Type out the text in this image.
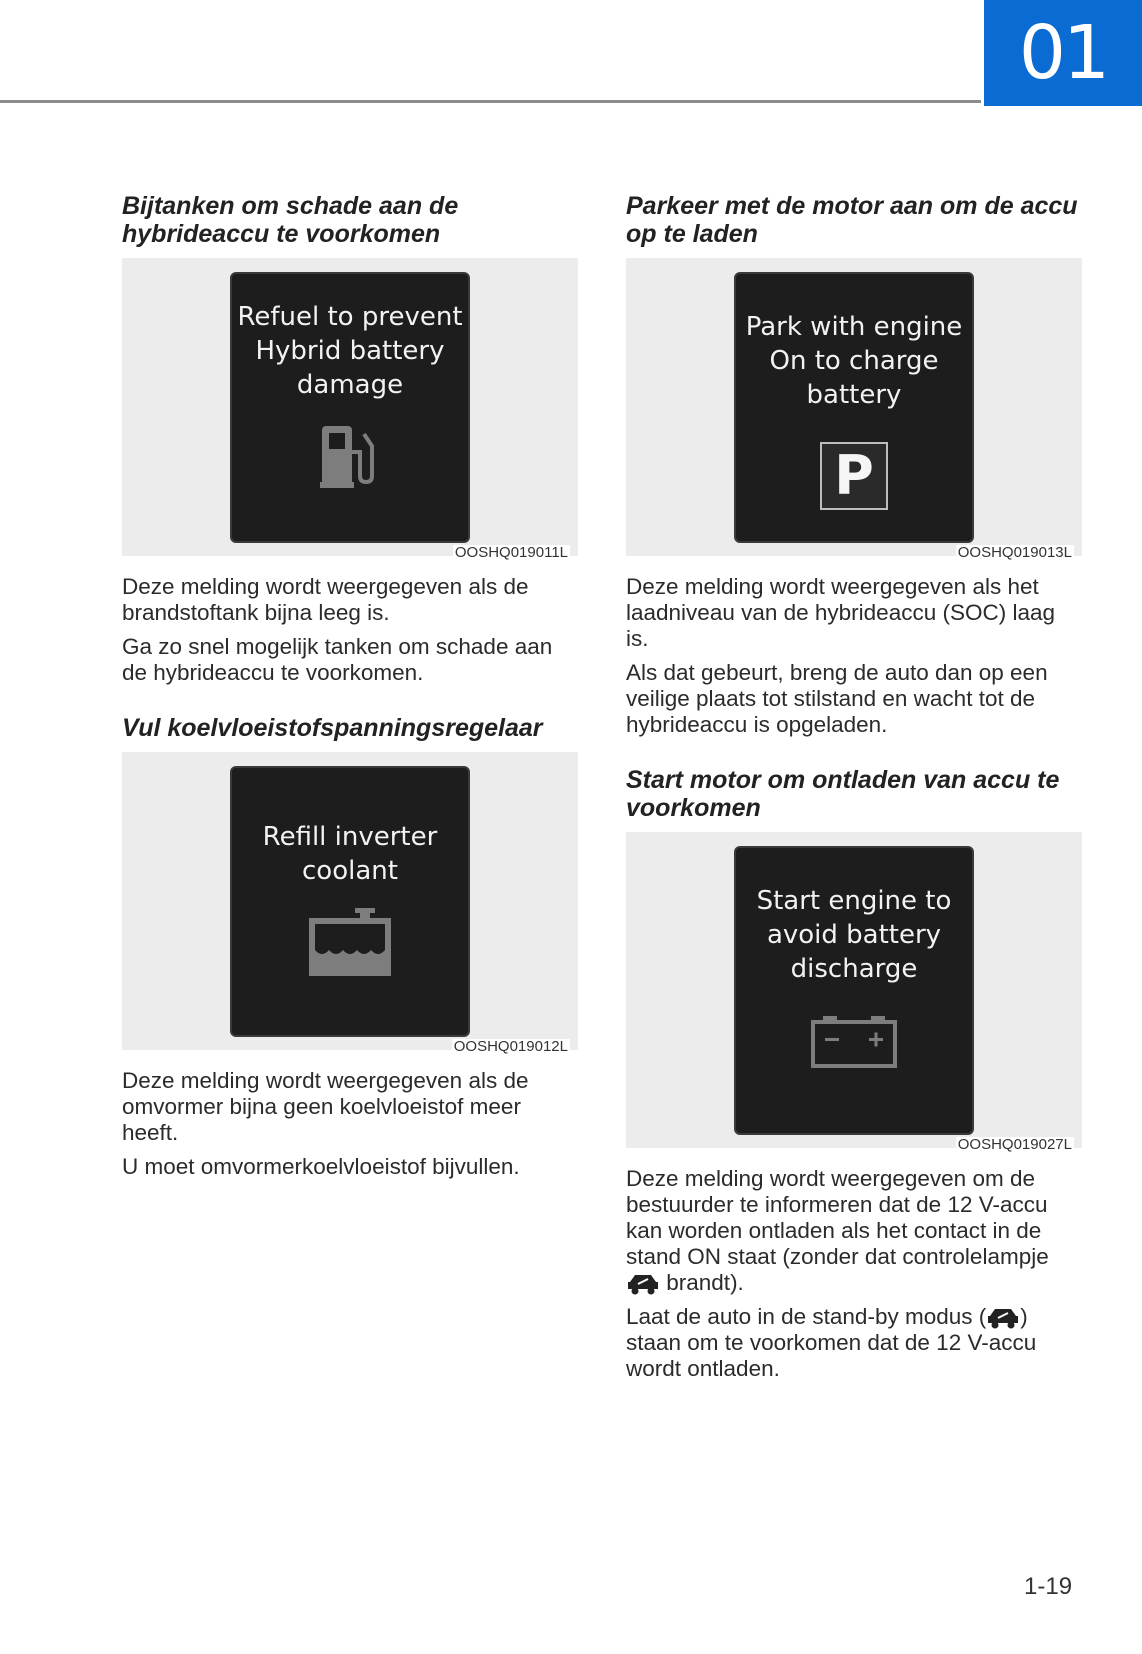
01
Bijtanken om schade aan de hybrideaccu te voorkomen
Refuel to prevent Hybrid battery damage
OOSHQ019011L

Deze melding wordt weergegeven als de brandstoftank bijna leeg is.

Ga zo snel mogelijk tanken om schade aan de hybrideaccu te voorkomen.

Vul koelvloeistofspanningsregelaar
Refill inverter coolant
OOSHQ019012L

Deze melding wordt weergegeven als de omvormer bijna geen koelvloeistof meer heeft.

U moet omvormerkoelvloeistof bijvullen.

Parkeer met de motor aan om de accu op te laden
Park with engine On to charge battery
P
OOSHQ019013L

Deze melding wordt weergegeven als het laadniveau van de hybrideaccu (SOC) laag is.

Als dat gebeurt, breng de auto dan op een veilige plaats tot stilstand en wacht tot de hybrideaccu is opgeladen.

Start motor om ontladen van accu te voorkomen
Start engine to avoid battery discharge
OOSHQ019027L

Deze melding wordt weergegeven om de bestuurder te informeren dat de 12 V-accu kan worden ontladen als het contact in de stand ON staat (zonder dat controlelampje  brandt).

Laat de auto in de stand-by modus ( ) staan om te voorkomen dat de 12 V-accu wordt ontladen.

1-19
